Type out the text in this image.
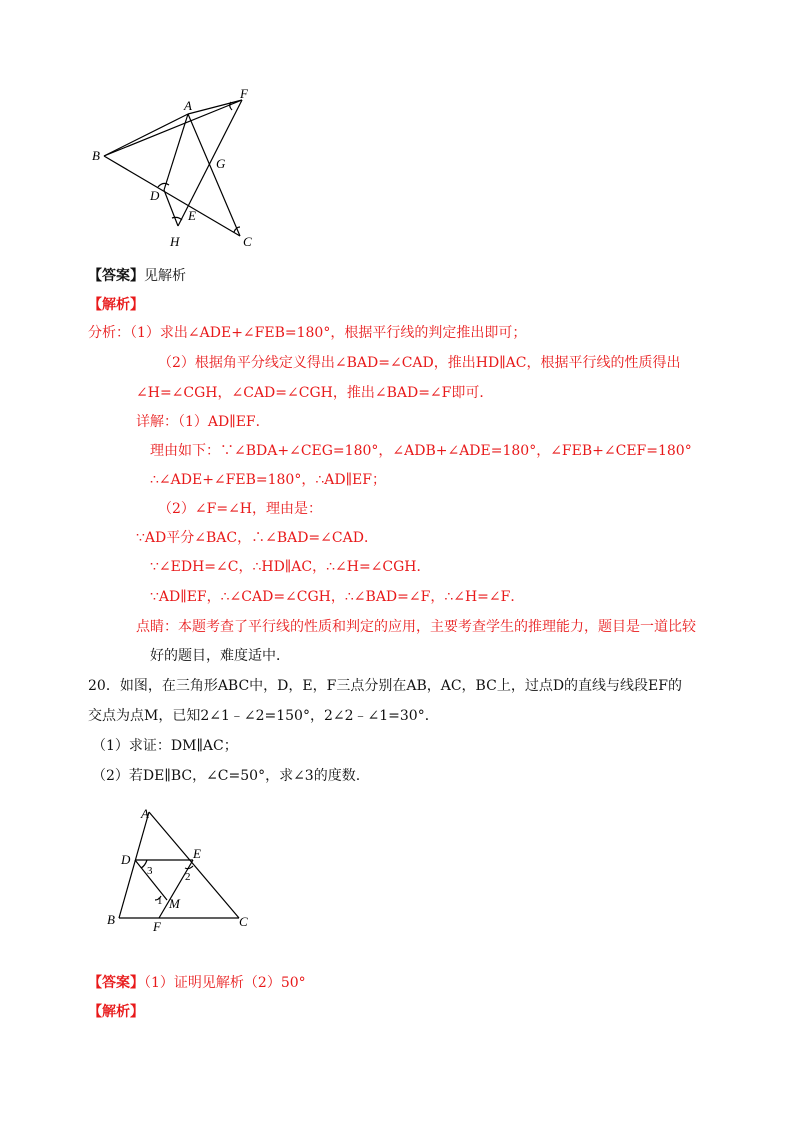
A
B
C
D
E
F
G
H
【答案】见解析
【解析】
分析：（1）求出∠ADE+∠FEB=180°，根据平行线的判定推出即可；
（2）根据角平分线定义得出∠BAD=∠CAD，推出HD∥AC，根据平行线的性质得出
∠H=∠CGH，∠CAD=∠CGH，推出∠BAD=∠F即可．
详解：（1）AD∥EF．
理由如下：∵∠BDA+∠CEG=180°，∠ADB+∠ADE=180°，∠FEB+∠CEF=180°
∴∠ADE+∠FEB=180°，∴AD∥EF；
（2）∠F=∠H，理由是：
∵AD平分∠BAC，∴∠BAD=∠CAD．
∵∠EDH=∠C，∴HD∥AC，∴∠H=∠CGH．
∵AD∥EF，∴∠CAD=∠CGH，∴∠BAD=∠F，∴∠H=∠F．
点睛：本题考查了平行线的性质和判定的应用，主要考查学生的推理能力，题目是一道比较
好的题目，难度适中．
20．如图，在三角形ABC中，D，E，F三点分别在AB，AC，BC上，过点D的直线与线段EF的
交点为点M，已知2∠1﹣∠2=150°，2∠2﹣∠1=30°．
（1）求证：DM∥AC；
（2）若DE∥BC，∠C=50°，求∠3的度数.
A
B	C
D	E
F
M
1
2
3
【答案】（1）证明见解析（2）50°
【解析】
